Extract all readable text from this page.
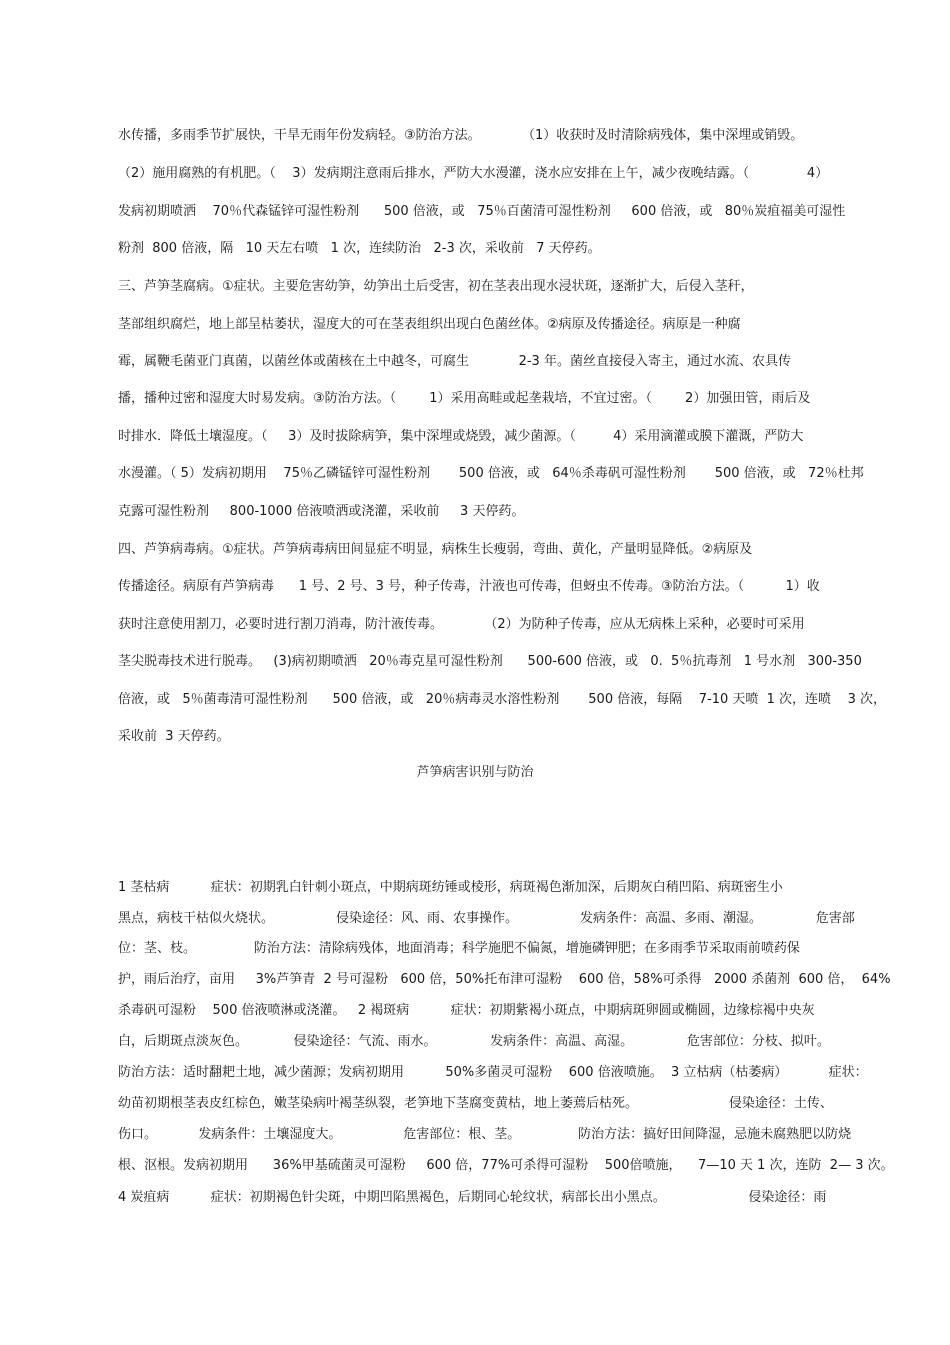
水传播，多雨季节扩展快，干旱无雨年份发病轻。③防治方法。          （1）收获时及时清除病残体，集中深埋或销毁。
（2）施用腐熟的有机肥。（    3）发病期注意雨后排水，严防大水漫灌，浇水应安排在上午，减少夜晚结露。（              4）
发病初期喷洒    70％代森锰锌可湿性粉剂      500 倍液，或   75％百菌清可湿性粉剂     600 倍液，或   80％炭疽福美可湿性
粉剂  800 倍液，隔   10 天左右喷   1 次，连续防治   2-3 次，采收前   7 天停药。
三、芦笋茎腐病。①症状。主要危害幼笋，幼笋出土后受害，初在茎表出现水浸状斑，逐渐扩大，后侵入茎秆，
茎部组织腐烂，地上部呈枯萎状，湿度大的可在茎表组织出现白色菌丝体。②病原及传播途径。病原是一种腐
霉，属鞭毛菌亚门真菌，以菌丝体或菌核在土中越冬，可腐生            2-3 年。菌丝直接侵入寄主，通过水流、农具传
播，播种过密和湿度大时易发病。③防治方法。（        1）采用高畦或起垄栽培，不宜过密。（        2）加强田管，雨后及
时排水．降低土壤湿度。（     3）及时拔除病笋，集中深埋或烧毁，减少菌源。（         4）采用滴灌或膜下灌溉，严防大
水漫灌。（ 5）发病初期用    75％乙磷锰锌可湿性粉剂       500 倍液，或   64％杀毒矾可湿性粉剂       500 倍液，或   72％杜邦
克露可湿性粉剂     800-1000 倍液喷洒或浇灌，采收前     3 天停药。
四、芦笋病毒病。①症状。芦笋病毒病田间显症不明显，病株生长瘦弱，弯曲、黄化，产量明显降低。②病原及
传播途径。病原有芦笋病毒      1 号、2 号、3 号，种子传毒，汁液也可传毒，但蚜虫不传毒。③防治方法。（          1）收
获时注意使用割刀，必要时进行割刀消毒，防汁液传毒。          （2）为防种子传毒，应从无病株上采种，必要时可采用
茎尖脱毒技术进行脱毒。   (3)病初期喷洒   20％毒克星可湿性粉剂      500-600 倍液，或   0.  5％抗毒剂   1 号水剂   300-350
倍液，或   5％菌毒清可湿性粉剂      500 倍液，或   20％病毒灵水溶性粉剂       500 倍液，每隔    7-10 天喷  1 次，连喷    3 次，
采收前  3 天停药。
芦笋病害识别与防治
1 茎枯病          症状：初期乳白针刺小斑点，中期病斑纺锤或棱形，病斑褐色渐加深，后期灰白稍凹陷、病斑密生小
黑点，病枝干枯似火烧状。               侵染途径：风、雨、农事操作。               发病条件：高温、多雨、潮湿。             危害部
位：茎、枝。              防治方法：清除病残体，地面消毒；科学施肥不偏氮，增施磷钾肥；在多雨季节采取雨前喷药保
护，雨后治疗，亩用     3%芦笋青  2 号可湿粉   600 倍，50%托布津可湿粉    600 倍，58%可杀得   2000 杀菌剂  600 倍，  64%
杀毒矾可湿粉    500 倍液喷淋或浇灌。   2 褐斑病          症状：初期紫褐小斑点，中期病斑卵圆或椭圆，边缘棕褐中央灰
白，后期斑点淡灰色。           侵染途径：气流、雨水。             发病条件：高温、高湿。             危害部位：分枝、拟叶。
防治方法：适时翻耙土地，减少菌源；发病初期用          50%多菌灵可湿粉    600 倍液喷施。  3 立枯病（枯萎病）          症状：
幼苗初期根茎表皮红棕色，嫩茎染病叶褐茎纵裂，老笋地下茎腐变黄枯，地上萎蔫后枯死。                      侵染途径：土传、
伤口。          发病条件：土壤湿度大。               危害部位：根、茎。              防治方法：搞好田间降湿，忌施未腐熟肥以防烧
根、沤根。发病初期用      36%甲基硫菌灵可湿粉     600 倍，77%可杀得可湿粉    500倍喷施，    7—10 天 1 次，连防  2— 3 次。
4 炭疽病          症状：初期褐色针尖斑，中期凹陷黑褐色，后期同心轮纹状，病部长出小黑点。                    侵染途径：雨
